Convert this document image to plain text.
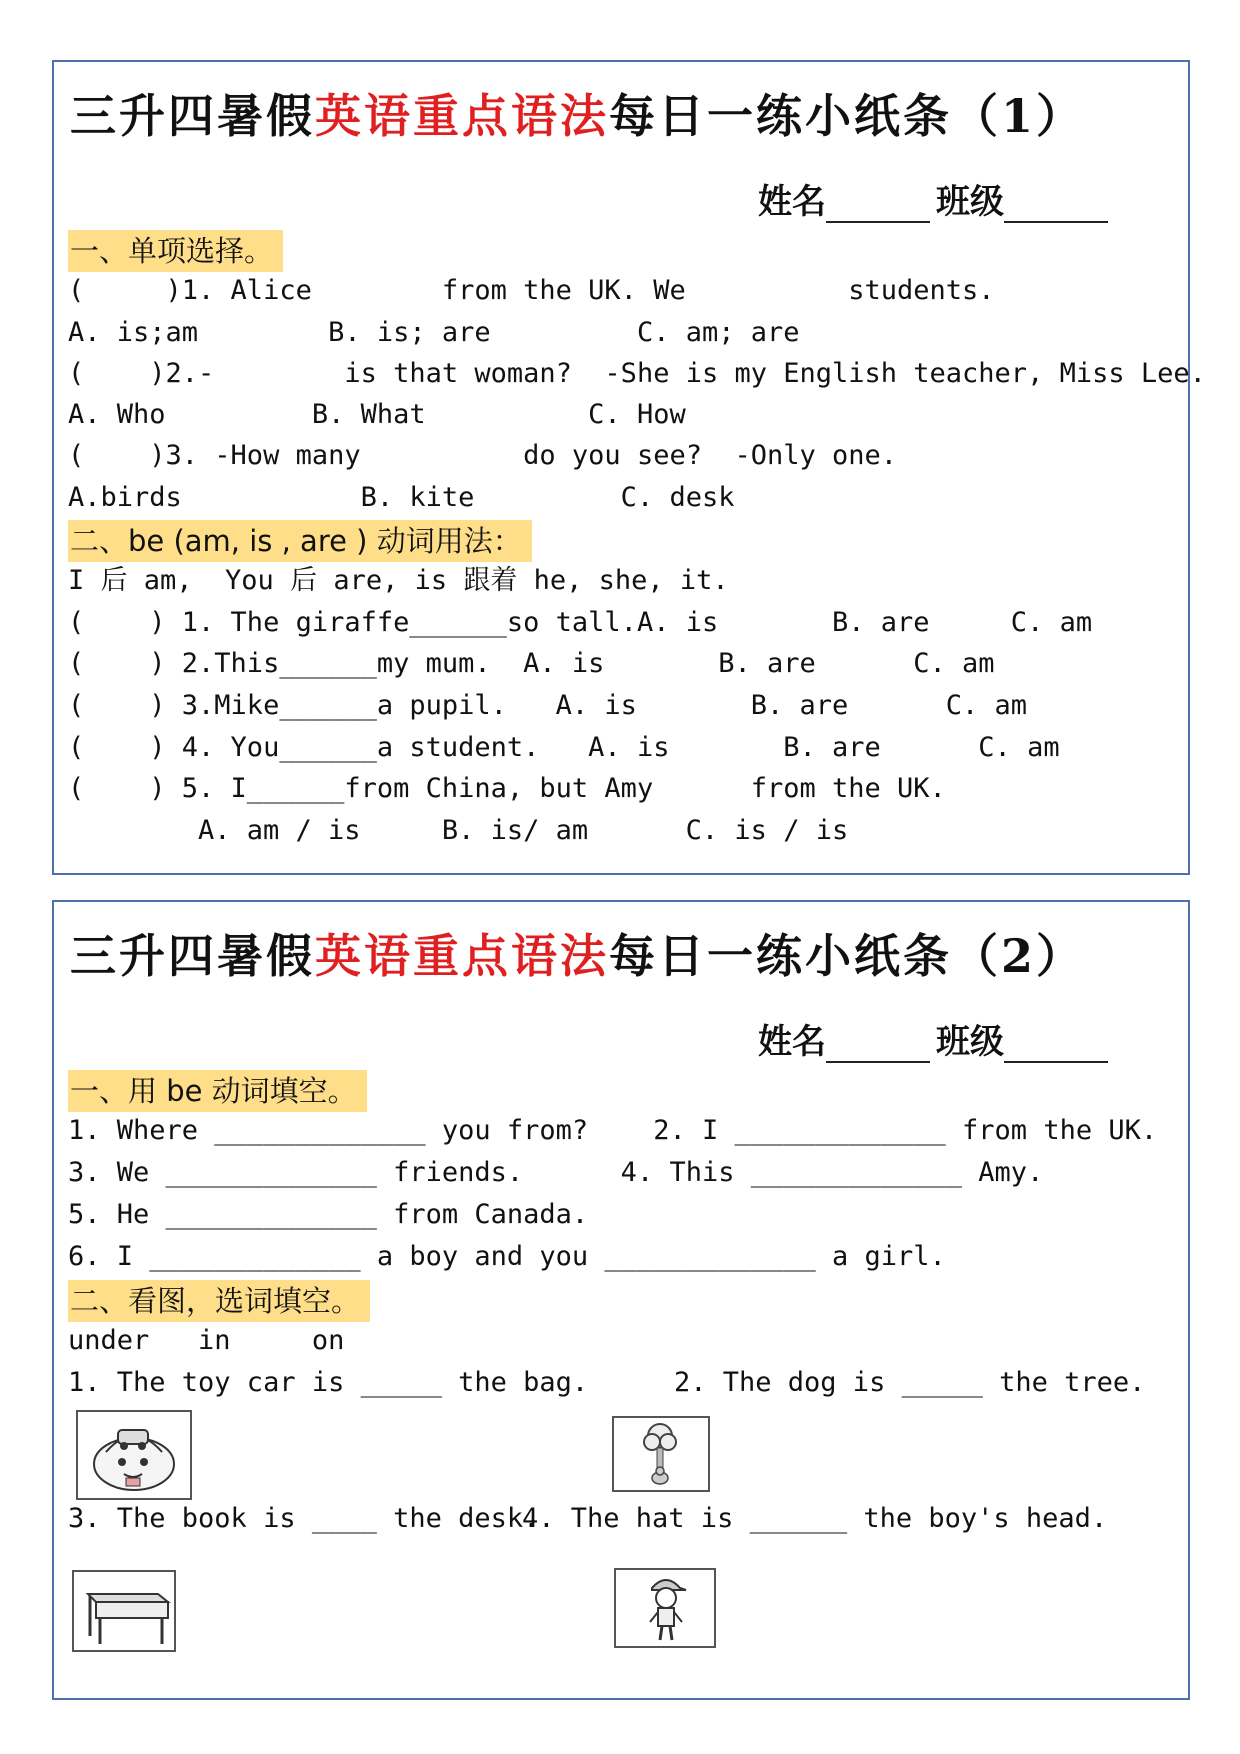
三升四暑假英语重点语法每日一练小纸条（1）
姓名	班级
一、单项选择。
(     )1. Alice        from the UK. We          students.
A. is;am        B. is; are         C. am; are
(    )2.-        is that woman?  -She is my English teacher, Miss Lee.
A. Who         B. What          C. How
(    )3. -How many          do you see?  -Only one.
A.birds           B. kite         C. desk
二、be (am, is , are ) 动词用法：
I 后 am,  You 后 are, is 跟着 he, she, it.
(    ) 1. The giraffe______so tall.A. is       B. are     C. am
(    ) 2.This______my mum.  A. is       B. are      C. am
(    ) 3.Mike______a pupil.   A. is       B. are      C. am
(    ) 4. You______a student.   A. is       B. are      C. am
(    ) 5. I______from China, but Amy      from the UK.
A. am / is     B. is/ am      C. is / is
三升四暑假英语重点语法每日一练小纸条（2）
姓名	班级
一、用 be 动词填空。
1. Where _____________ you from?    2. I _____________ from the UK.
3. We _____________ friends.      4. This _____________ Amy.
5. He _____________ from Canada.
6. I _____________ a boy and you _____________ a girl.
二、看图，选词填空。
under   in     on
1. The toy car is _____ the bag.	2. The dog is _____ the tree.
3. The book is ____ the desk.
4. The hat is ______ the boy's head.
